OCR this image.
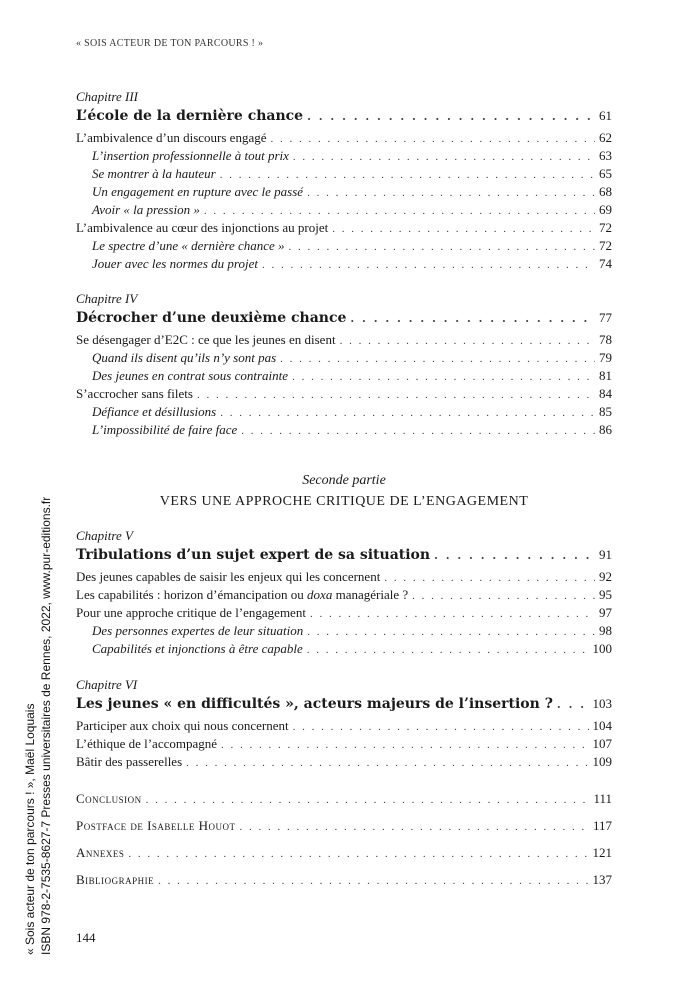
« SOIS ACTEUR DE TON PARCOURS ! »
Chapitre III
L’école de la dernière chance . . .	61
L’ambivalence d’un discours engagé . . .	62
L’insertion professionnelle à tout prix . . .	63
Se montrer à la hauteur . . .	65
Un engagement en rupture avec le passé . . .	68
Avoir « la pression » . . .	69
L’ambivalence au cœur des injonctions au projet . . .	72
Le spectre d’une « dernière chance » . . .	72
Jouer avec les normes du projet . . .	74
Chapitre IV
Décrocher d’une deuxième chance . . .	77
Se désengager d’E2C : ce que les jeunes en disent . . .	78
Quand ils disent qu’ils n’y sont pas . . .	79
Des jeunes en contrat sous contrainte . . .	81
S’accrocher sans filets . . .	84
Défiance et désillusions . . .	85
L’impossibilité de faire face . . .	86
Seconde partie
VERS UNE APPROCHE CRITIQUE DE L’ENGAGEMENT
Chapitre V
Tribulations d’un sujet expert de sa situation . . .	91
Des jeunes capables de saisir les enjeux qui les concernent . . .	92
Les capabilités : horizon d’émancipation ou doxa managériale ? . . .	95
Pour une approche critique de l’engagement . . .	97
Des personnes expertes de leur situation . . .	98
Capabilités et injonctions à être capable . . .	100
Chapitre VI
Les jeunes « en difficultés », acteurs majeurs de l’insertion ? . . .	103
Participer aux choix qui nous concernent . . .	104
L’éthique de l’accompagné . . .	107
Bâtir des passerelles . . .	109
Conclusion . . .	111
Postface de Isabelle Houot . . .	117
Annexes . . .	121
Bibliographie . . .	137
144
« Sois acteur de ton parcours ! », Maël Loquais ISBN 978-2-7535-8627-7 Presses universitaires de Rennes, 2022, www.pur-editions.fr
